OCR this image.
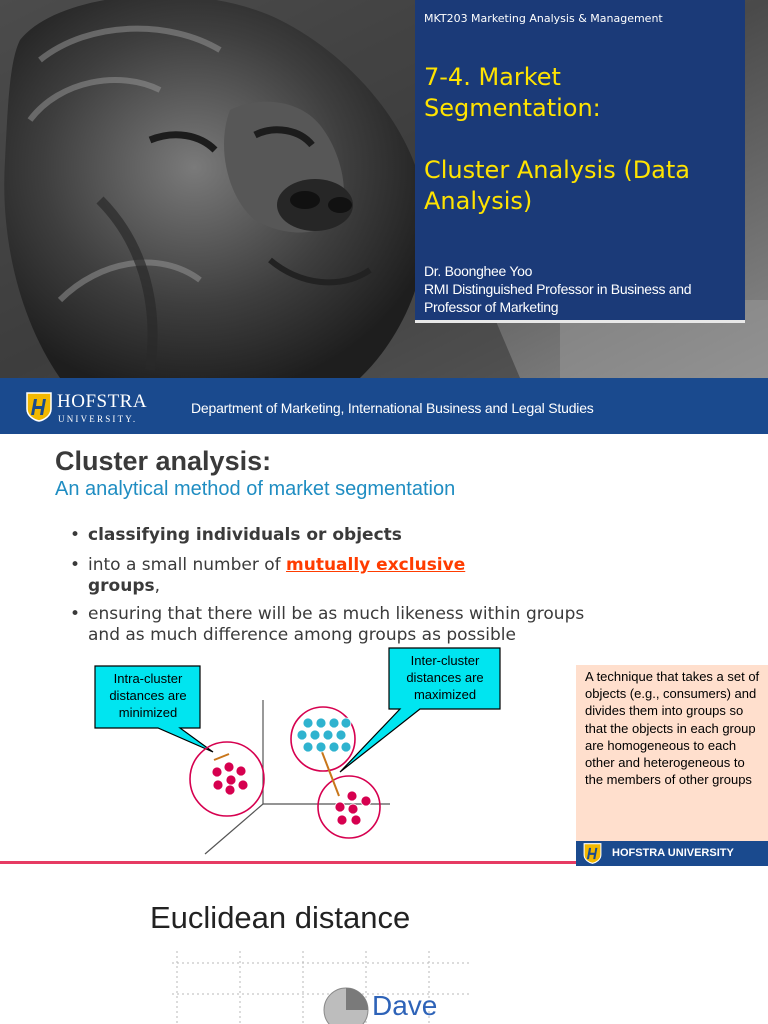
MKT203 Marketing Analysis & Management
7-4. Market
Segmentation:
Cluster Analysis (Data
Analysis)
Dr. Boonghee Yoo
RMI Distinguished Professor in Business and
Professor of Marketing
HOFSTRA
UNIVERSITY.
Department of Marketing, International Business and Legal Studies
Cluster analysis:
An analytical method of market segmentation
• classifying individuals or objects
• into a small number of mutually exclusive
groups,
• ensuring that there will be as much likeness within groups and as much difference among groups as possible
Intra-cluster distances are minimized
Inter-cluster distances are maximized
A technique that takes a set of objects (e.g., consumers) and divides them into groups so that the objects in each group are homogeneous to each other and heterogeneous to the members of other groups
HOFSTRA UNIVERSITY
Euclidean distance
Dave
